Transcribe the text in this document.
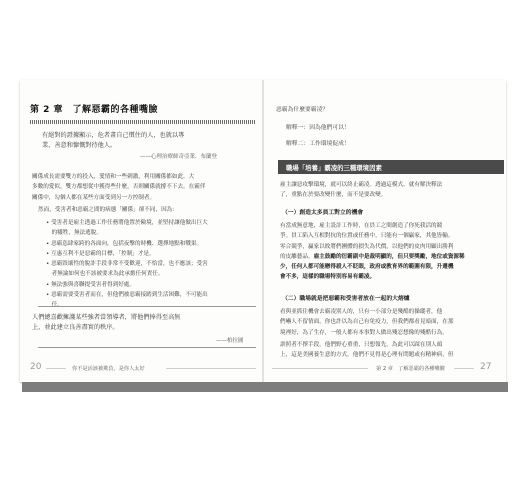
第 2 章　了解惡霸的各種嘴臉
有絕對的證據顯示，危者畫自己慣住的人，也就以專
業、善意和慷慨對待他人。
——心理治療師奇亞業．布蘭登
關係成長需要雙方的投入，愛情和一些刺激，利用關係都如此。大
多數的愛似，雙方都想從中獲得些什麼，否則關係就撐不下去。在霸伴
關係中，勾個人都在某些方面受到另一方控制者。
然而，受害者和惡霸之間的病態「關係」卻不同，因為：
• 受害者是雇主透過工作任務將他置於險境，並堅持讓他做出巨大
　的犧牲，無法逃脫。
• 惡霸恣肆家跨的各面向，包括夜擊的時機、選擇地點和戰果。
• 互惠互利不是惡霸的目標，「控制」才是。
• 惡霸毀壞性的脫詐手段非常不受歡迎，不恰當，也不應該；受害
　者無論如何也不該被要求為此承擔任何責任。
• 無法強與喜聯提受害者得到好處。
• 惡霸需要受害者而在，但他們被惡霸接踏到生活困難，不可能出
　任。
人們總喜歡擁護某些強者當領導者，將他們捧得至高無
上，並此建立良善盡實的秩序。
——柏拉圖
20	你不是活該被欺負，是你人太好
惡霸為什麼要霸凌？
解釋一：因為他們可以！
解釋二：工作環境促成！
職場「培養」霸凌的三種環境因素
雇主讓惡攻擊環境，就可以終止霸凌。透過這模式，就有解決釋法
了，重點在於要改變什麼，而不是要改變。
（一）創造太多員工對立的機會
有當成無意地，雇主設計工作時，在員工之間創造了你死我活的競
爭。員工陷入互相對抗的位置或任務中，只能有一個贏家，其他皆輸。
零合競爭，贏家以敗將們團體的損失為代價，以他們的皮肉用顧出勝利
的皮離藝品。雇主鼓勵的衍霸副中是裁明顯的，但只要獎勵，地位或資源稀
少，任何人都可能戀得殺人不眨眼，政府或教育界的範圍有限，升遷機
會不多，這樣的職場特別容易有霸凌。
（二）職場就是把惡霸和受害者放在一起的大熔爐
看與並抓住機會去霸凌別人的，只有一小部分是殘酷的操縱者，他
們嚇人不留情面，你也許以為自己有免疫力，但我們都看見暗面，在那
境裡好，為了生存，一般人都有本事對人做出殘忍想像的殘酷行為。
訓照者不擇手段，他們野心重重，只想領先。為此可以踩在別人頭
上，這是美國養生意的方式。他們不見得是心理有問題或有精神病，但
第 2 章　了解惡霸的各種嘴臉	27
